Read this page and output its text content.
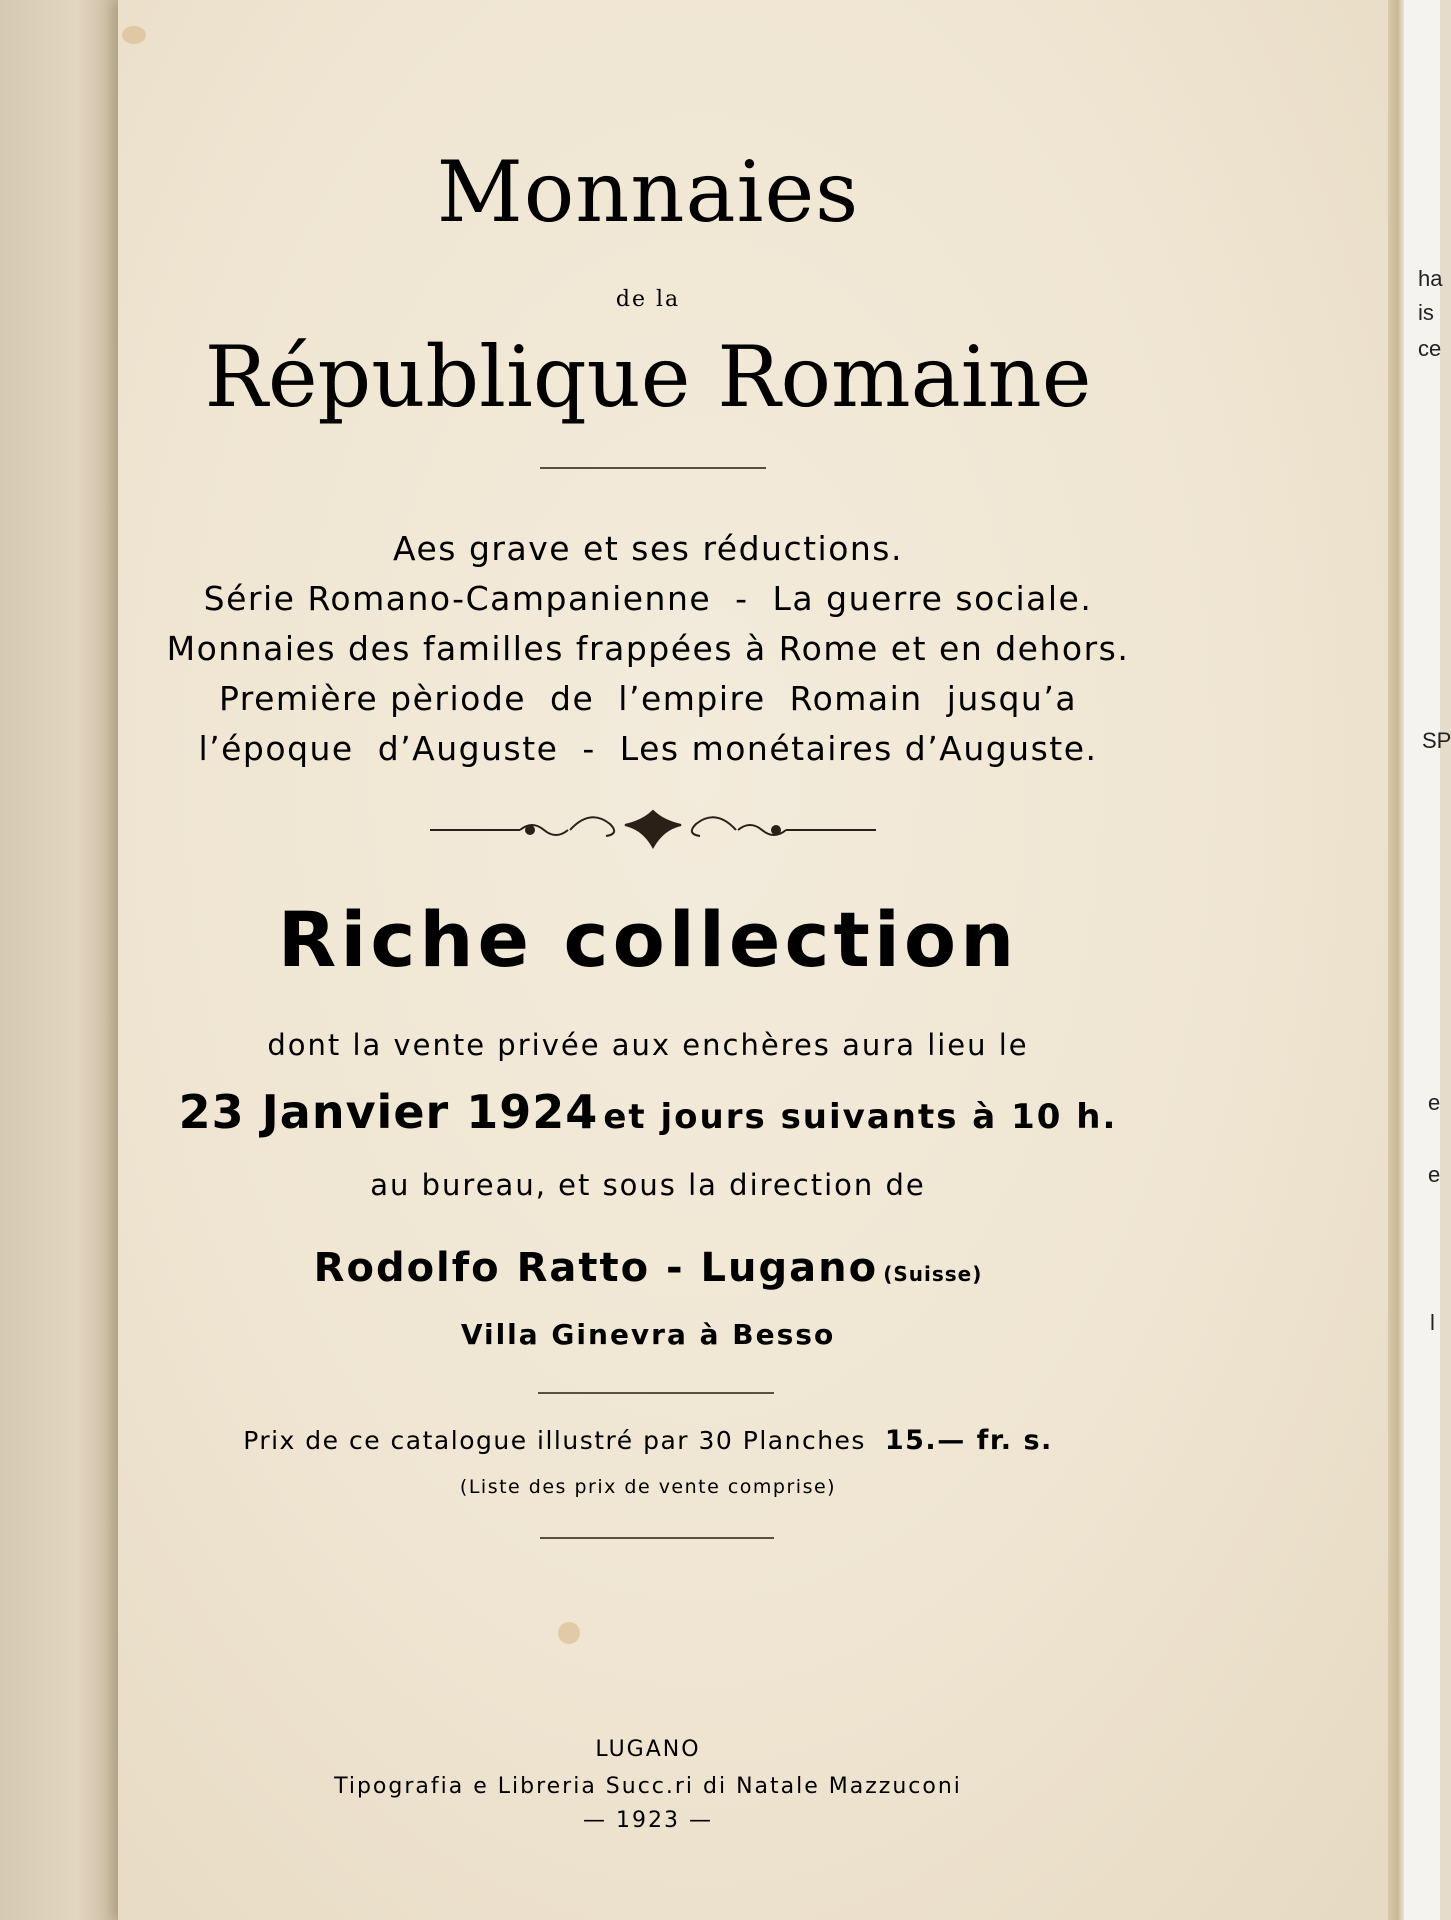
ha
is
ce
SP
e
e
l
Monnaies
de la
République Romaine
Aes grave et ses réductions.
Série Romano-Campanienne  -  La guerre sociale.
Monnaies des familles frappées à Rome et en dehors.
Première pèriode  de  l’empire  Romain  jusqu’a
l’époque  d’Auguste  -  Les monétaires d’Auguste.
Riche collection
dont la vente privée aux enchères aura lieu le
23 Janvier 1924 et jours suivants à 10 h.
au bureau, et sous la direction de
Rodolfo Ratto - Lugano (Suisse)
Villa Ginevra à Besso
Prix de ce catalogue illustré par 30 Planches 15.— fr. s.
(Liste des prix de vente comprise)
LUGANO
Tipografia e Libreria Succ.ri di Natale Mazzuconi
— 1923 —
